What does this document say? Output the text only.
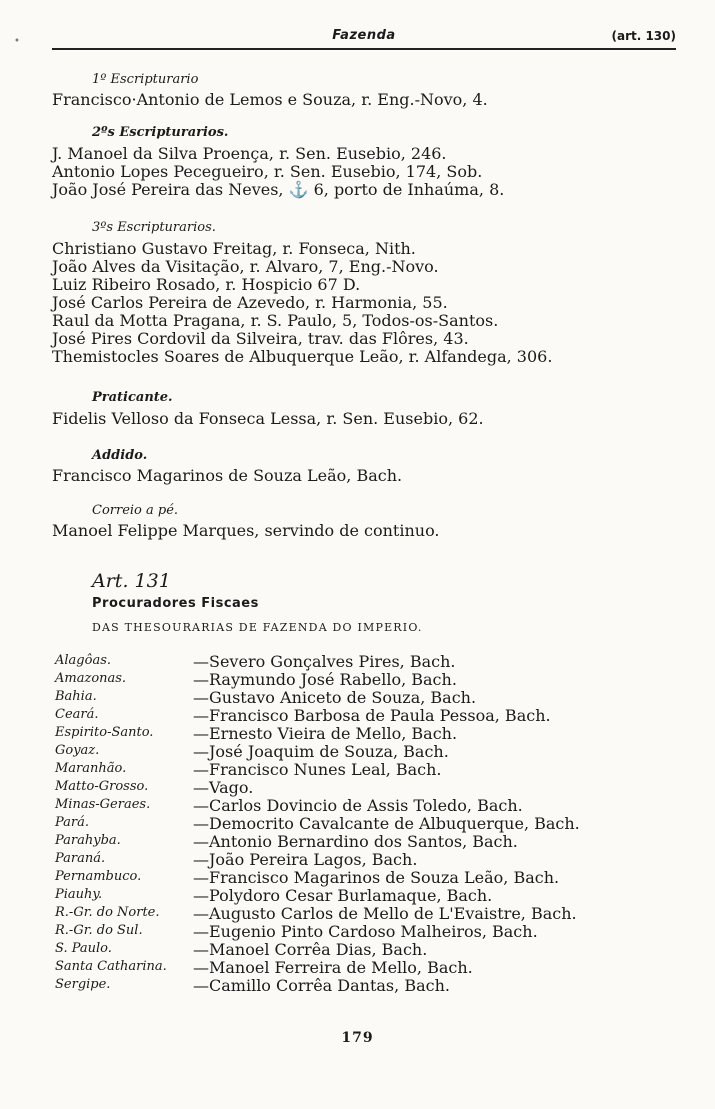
Fazenda	(art. 130)
•
1º Escripturario
Francisco·Antonio de Lemos e Souza, r. Eng.-Novo, 4.
2ºs Escripturarios.
J. Manoel da Silva Proença, r. Sen. Eusebio, 246.
Antonio Lopes Pecegueiro, r. Sen. Eusebio, 174, Sob.
João José Pereira das Neves, ⚓ 6, porto de Inhaúma, 8.
3ºs Escripturarios.
Christiano Gustavo Freitag, r. Fonseca, Nith.
João Alves da Visitação, r. Alvaro, 7, Eng.-Novo.
Luiz Ribeiro Rosado, r. Hospicio 67 D.
José Carlos Pereira de Azevedo, r. Harmonia, 55.
Raul da Motta Pragana, r. S. Paulo, 5, Todos-os-Santos.
José Pires Cordovil da Silveira, trav. das Flôres, 43.
Themistocles Soares de Albuquerque Leão, r. Alfandega, 306.
Praticante.
Fidelis Velloso da Fonseca Lessa, r. Sen. Eusebio, 62.
Addido.
Francisco Magarinos de Souza Leão, Bach.
Correio a pé.
Manoel Felippe Marques, servindo de continuo.
Art. 131
Procuradores Fiscaes
DAS THESOURARIAS DE FAZENDA DO IMPERIO.
Alagôas.	—Severo Gonçalves Pires, Bach.
Amazonas.	—Raymundo José Rabello, Bach.
Bahia.	—Gustavo Aniceto de Souza, Bach.
Ceará.	—Francisco Barbosa de Paula Pessoa, Bach.
Espirito-Santo. —Ernesto Vieira de Mello, Bach.
Goyaz.	—José Joaquim de Souza, Bach.
Maranhão.	—Francisco Nunes Leal, Bach.
Matto-Grosso.	—Vago.
Minas-Geraes.	—Carlos Dovincio de Assis Toledo, Bach.
Pará.	—Democrito Cavalcante de Albuquerque, Bach.
Parahyba.	—Antonio Bernardino dos Santos, Bach.
Paraná.	—João Pereira Lagos, Bach.
Pernambuco.	—Francisco Magarinos de Souza Leão, Bach.
Piauhy.	—Polydoro Cesar Burlamaque, Bach.
R.-Gr. do Norte. —Augusto Carlos de Mello de L'Evaistre, Bach.
R.-Gr. do Sul.	—Eugenio Pinto Cardoso Malheiros, Bach.
S. Paulo.	—Manoel Corrêa Dias, Bach.
Santa Catharina. —Manoel Ferreira de Mello, Bach.
Sergipe.	—Camillo Corrêa Dantas, Bach.
179
